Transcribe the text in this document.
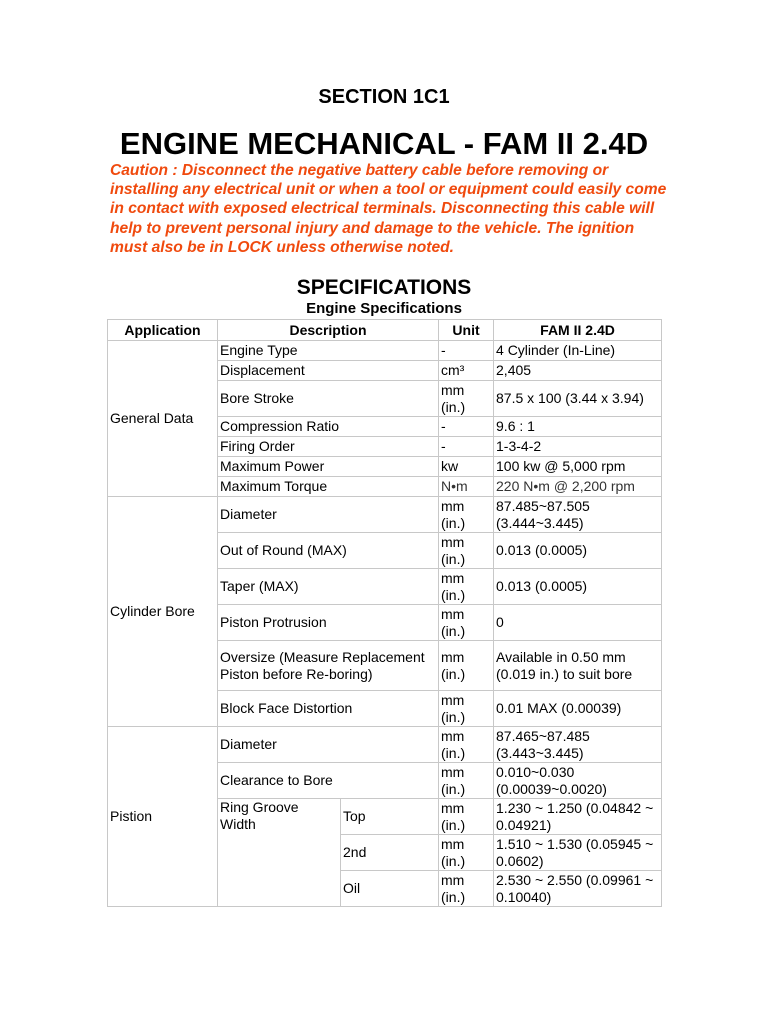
SECTION 1C1
ENGINE MECHANICAL - FAM II 2.4D
Caution : Disconnect the negative battery cable before removing or installing any electrical unit or when a tool or equipment could easily come in contact with exposed electrical terminals. Disconnecting this cable will help to prevent personal injury and damage to the vehicle. The ignition must also be in LOCK unless otherwise noted.
SPECIFICATIONS
Engine Specifications
Application	Description		Unit	FAM II 2.4D
General Data	Engine Type		-	4 Cylinder (In-Line)
	Displacement		cm³	2,405
	Bore Stroke		mm (in.)	87.5 x 100 (3.44 x 3.94)
	Compression Ratio		-	9.6 : 1
	Firing Order		-	1-3-4-2
	Maximum Power		kw	100 kw @ 5,000 rpm
	Maximum Torque		N•m	220 N•m @ 2,200 rpm

Cylinder Bore	Diameter		mm (in.)	87.485~87.505 (3.444~3.445)
	Out of Round (MAX)		mm (in.)	0.013 (0.0005)
	Taper (MAX)		mm (in.)	0.013 (0.0005)
	Piston Protrusion		mm (in.)	0
	Oversize (Measure Replacement Piston before Re-boring)		mm (in.)	Available in 0.50 mm (0.019 in.) to suit bore
	Block Face Distortion		mm (in.)	0.01 MAX (0.00039)
Pistion	Diameter		mm (in.)	87.465~87.485 (3.443~3.445)
	Clearance to Bore		mm (in.)	0.010~0.030 (0.00039~0.0020)
	Ring Groove Width	Top	mm (in.)	1.230 ~ 1.250 (0.04842 ~ 0.04921)
		2nd	mm (in.)	1.510 ~ 1.530 (0.05945 ~ 0.0602)
		Oil	mm (in.)	2.530 ~ 2.550 (0.09961 ~ 0.10040)
